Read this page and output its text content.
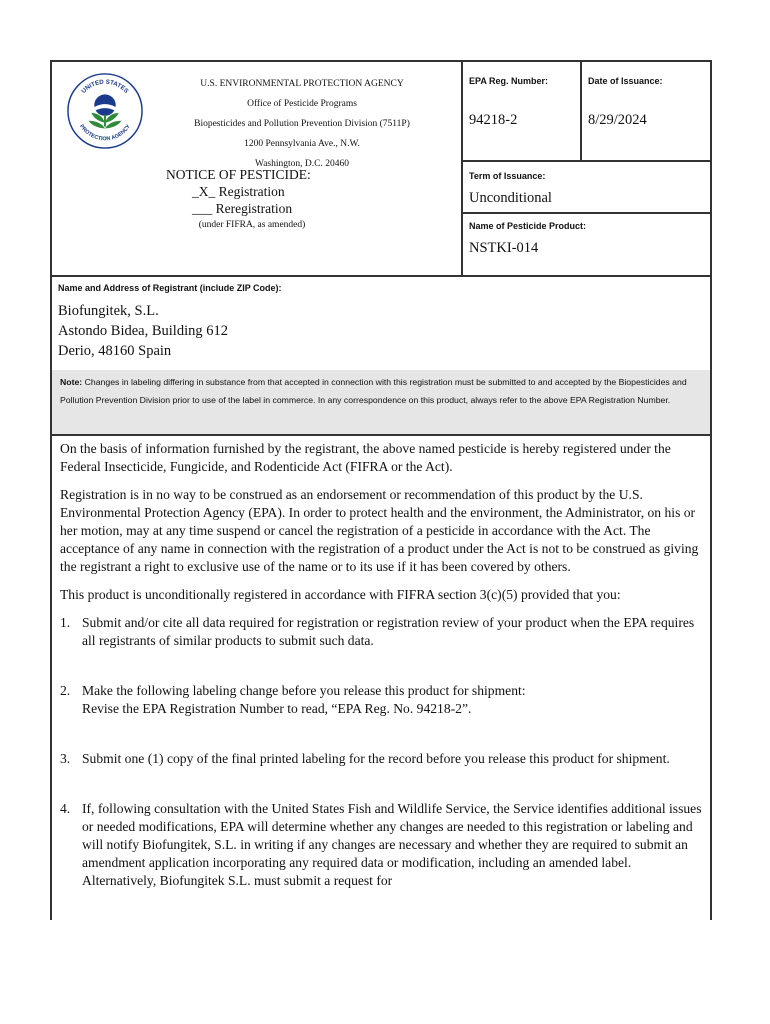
UNITED STATES
PROTECTION AGENCY
U.S. ENVIRONMENTAL PROTECTION AGENCY
Office of Pesticide Programs
Biopesticides and Pollution Prevention Division (7511P)
1200 Pennsylvania Ave., N.W.
Washington, D.C. 20460
NOTICE OF PESTICIDE:
_X_ Registration
___ Reregistration
(under FIFRA, as amended)
EPA Reg. Number:
94218-2
Date of Issuance:
8/29/2024
Term of Issuance:
Unconditional
Name of Pesticide Product:
NSTKI-014
Name and Address of Registrant (include ZIP Code):
Biofungitek, S.L.
Astondo Bidea, Building 612
Derio, 48160 Spain
Note: Changes in labeling differing in substance from that accepted in connection with this registration must be submitted to and accepted by the Biopesticides and Pollution Prevention Division prior to use of the label in commerce. In any correspondence on this product, always refer to the above EPA Registration Number.

On the basis of information furnished by the registrant, the above named pesticide is hereby registered under the Federal Insecticide, Fungicide, and Rodenticide Act (FIFRA or the Act).

Registration is in no way to be construed as an endorsement or recommendation of this product by the U.S. Environmental Protection Agency (EPA). In order to protect health and the environment, the Administrator, on his or her motion, may at any time suspend or cancel the registration of a pesticide in accordance with the Act. The acceptance of any name in connection with the registration of a product under the Act is not to be construed as giving the registrant a right to exclusive use of the name or to its use if it has been covered by others.

This product is unconditionally registered in accordance with FIFRA section 3(c)(5) provided that you:

1. Submit and/or cite all data required for registration or registration review of your product when the EPA requires all registrants of similar products to submit such data.
2. Make the following labeling change before you release this product for shipment:
Revise the EPA Registration Number to read, “EPA Reg. No. 94218-2”.
3. Submit one (1) copy of the final printed labeling for the record before you release this product for shipment.
4. If, following consultation with the United States Fish and Wildlife Service, the Service identifies additional issues or needed modifications, EPA will determine whether any changes are needed to this registration or labeling and will notify Biofungitek, S.L. in writing if any changes are necessary and whether they are required to submit an amendment application incorporating any required data or modification, including an amended label. Alternatively, Biofungitek S.L. must submit a request for
